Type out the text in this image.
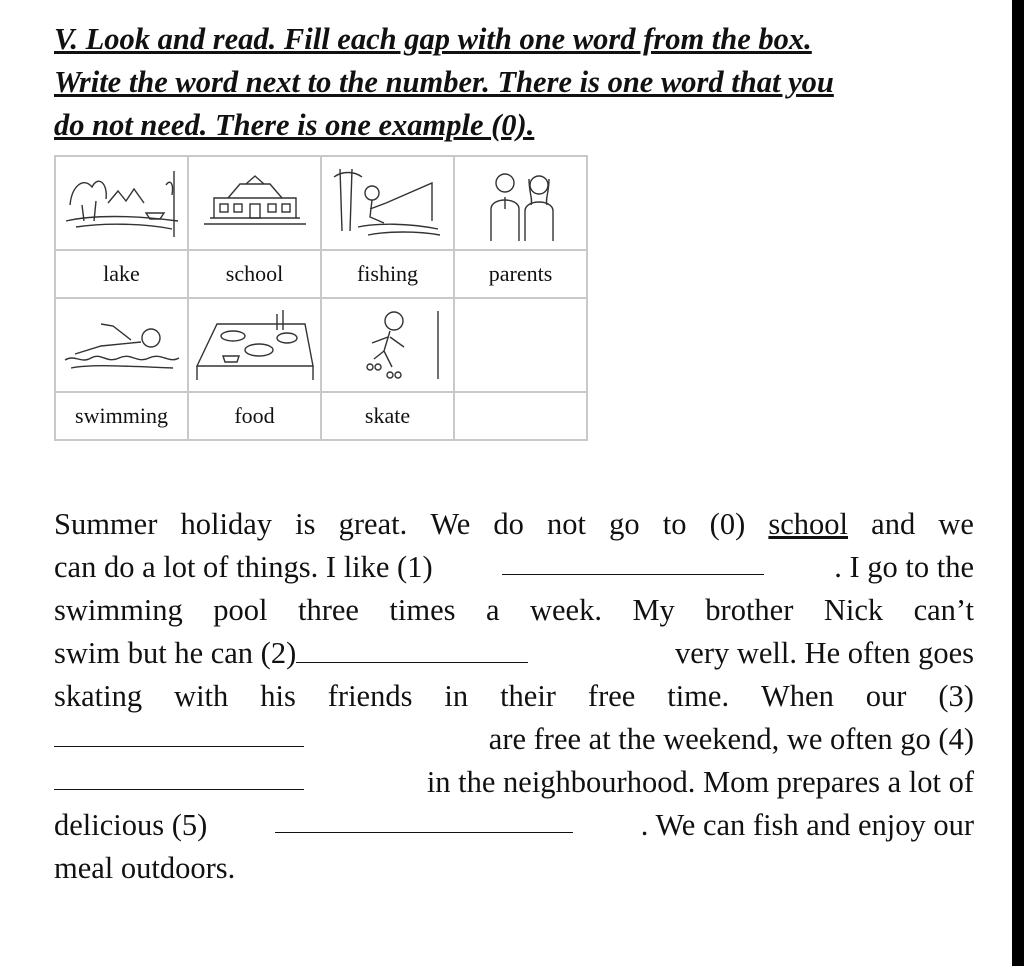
V. Look and read. Fill each gap with one word from the box.
Write the word next to the number. There is one word that you
do not need. There is one example (0).

lake	school	fishing	parents

swimming	food	skate	
Summer holiday is great. We do not go to (0) school and we
can do a lot of things. I like (1)	. I go to the
swimming pool three times a week. My brother Nick can’t
swim but he can (2)	very well. He often goes
skating with his friends in their free time. When our (3)
are free at the weekend, we often go (4)
in the neighbourhood. Mom prepares a lot of
delicious (5)	. We can fish and enjoy our
meal outdoors.
